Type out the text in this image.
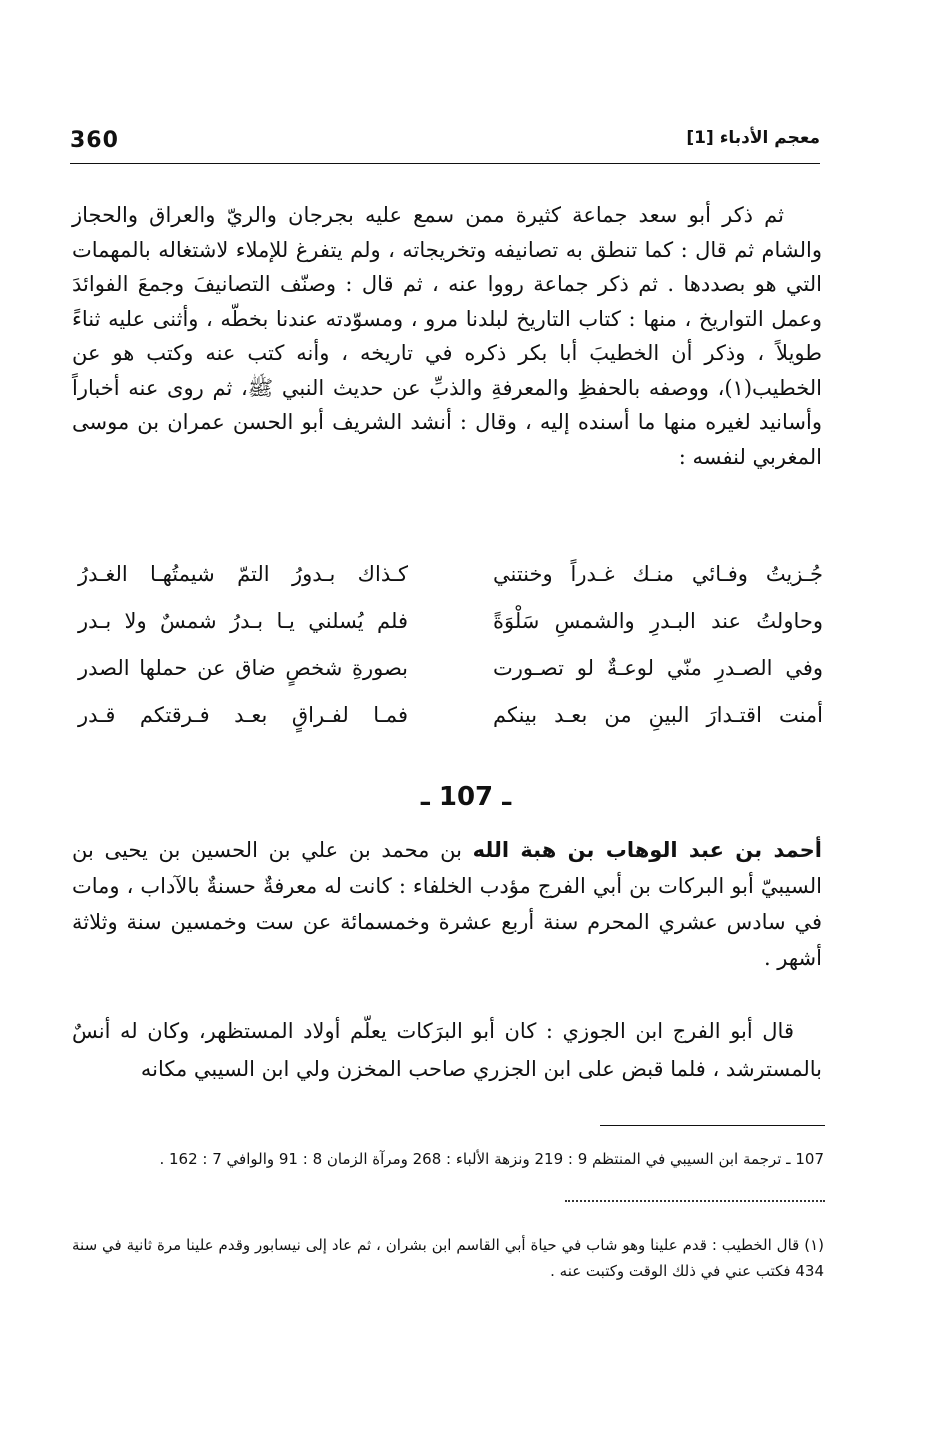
360	معجم الأدباء [1]

ثم ذكر أبو سعد جماعة كثيرة ممن سمع عليه بجرجان والريّ والعراق والحجاز والشام ثم قال : كما تنطق به تصانيفه وتخريجاته ، ولم يتفرغ للإملاء لاشتغاله بالمهمات التي هو بصددها . ثم ذكر جماعة رووا عنه ، ثم قال : وصنّف التصانيفَ وجمعَ الفوائدَ وعمل التواريخ ، منها : كتاب التاريخ لبلدنا مرو ، ومسوّدته عندنا بخطّه ، وأثنى عليه ثناءً طويلاً ، وذكر أن الخطيبَ أبا بكر ذكره في تاريخه ، وأنه كتب عنه وكتب هو عن الخطيب(١)، ووصفه بالحفظِ والمعرفةِ والذبِّ عن حديث النبي ﷺ، ثم روى عنه أخباراً وأسانيد لغيره منها ما أسنده إليه ، وقال : أنشد الشريف أبو الحسن عمران بن موسى المغربي لنفسه :

جُـزيتُ وفـائي منـك غـدراً وخنتني
كـذاك بـدورُ التمّ شيمتُهـا الغـدرُ
وحاولتُ عند البـدرِ والشمسِ سَلْوَةً
فلم يُسلني يـا بـدرُ شمسٌ ولا بـدر
وفي الصـدرِ منّي لوعـةٌ لو تصـورت
بصورةِ شخصٍ ضاق عن حملها الصدر
أمنت اقتـدارَ البينِ من بعـد بينكم
فمـا لفـراقٍ بعـد فـرقتكم قـدر
ـ 107 ـ

أحمد بن عبد الوهاب بن هبة الله بن محمد بن علي بن الحسين بن يحيى بن السيبيّ أبو البركات بن أبي الفرج مؤدب الخلفاء : كانت له معرفةٌ حسنةٌ بالآداب ، ومات في سادس عشري المحرم سنة أربع عشرة وخمسمائة عن ست وخمسين سنة وثلاثة أشهر .

قال أبو الفرج ابن الجوزي : كان أبو البرَكات يعلّم أولاد المستظهر، وكان له أنسٌ بالمسترشد ، فلما قبض على ابن الجزري صاحب المخزن ولي ابن السيبي مكانه

107 ـ ترجمة ابن السيبي في المنتظم 9 : 219 ونزهة الألباء : 268 ومرآة الزمان 8 : 91 والوافي 7 : 162 .

(١) قال الخطيب : قدم علينا وهو شاب في حياة أبي القاسم ابن بشران ، ثم عاد إلى نيسابور وقدم علينا مرة ثانية في سنة 434 فكتب عني في ذلك الوقت وكتبت عنه .
